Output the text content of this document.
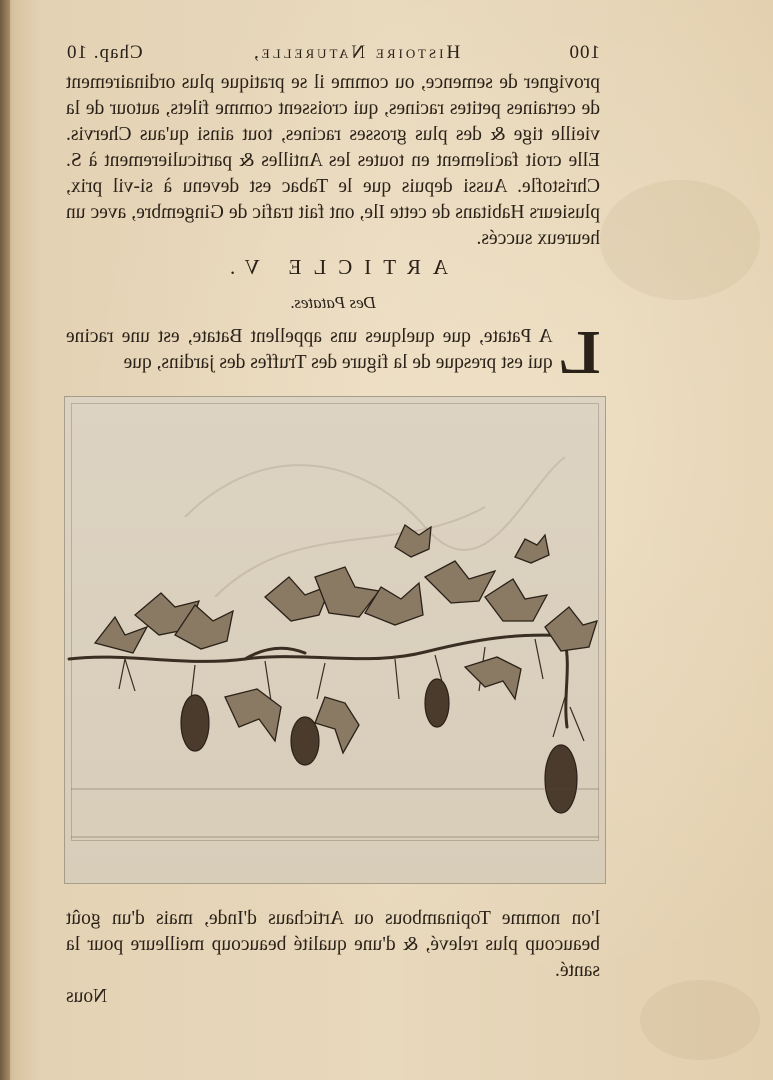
100
Histoire Naturelle,
Chap. 10

provigner de semence, ou comme il se pratique plus ordinairement de certaines petites racines, qui croissent comme filets, autour de la vieille tige & des plus grosses racines, tout ainsi qu'aus Chervis. Elle croit facilement en toutes les Antilles & particulierement à S. Christofle. Aussi depuis que le Tabac est devenu à si-vil prix, plusieurs Habitans de cette Ile, ont fait trafic de Gingembre, avec un heureux succés.

ARTICLE V.
Des Patates.
L
A Patate, que quelques uns appellent Batate, est une racine qui est presque de la figure des Truffes des jardins, que

l'on nomme Topinambous ou Artichaus d'Inde, mais d'un goût beaucoup plus relevé, & d'une qualité beaucoup meilleure pour la santé.

Nous
